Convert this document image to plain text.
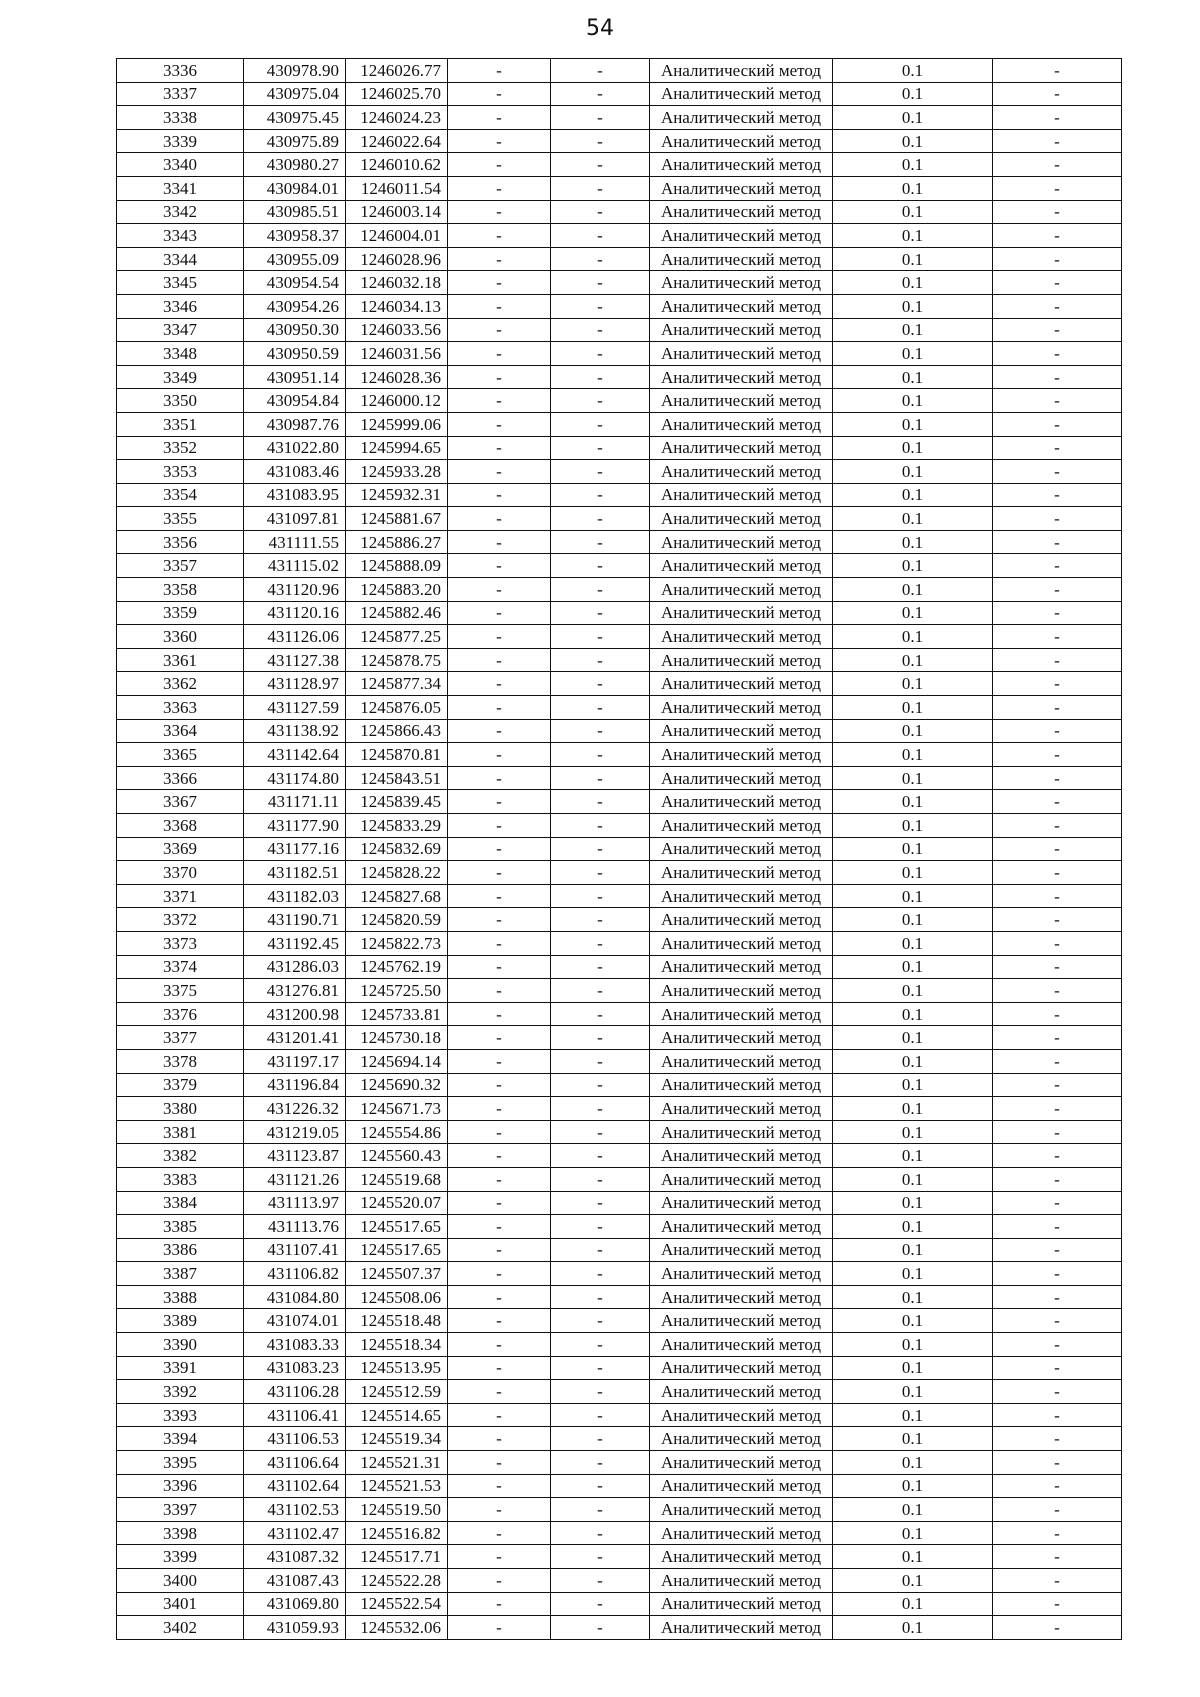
54
3336	430978.90	1246026.77	-	-	Аналитический метод	0.1	-
3337	430975.04	1246025.70	-	-	Аналитический метод	0.1	-
3338	430975.45	1246024.23	-	-	Аналитический метод	0.1	-
3339	430975.89	1246022.64	-	-	Аналитический метод	0.1	-
3340	430980.27	1246010.62	-	-	Аналитический метод	0.1	-
3341	430984.01	1246011.54	-	-	Аналитический метод	0.1	-
3342	430985.51	1246003.14	-	-	Аналитический метод	0.1	-
3343	430958.37	1246004.01	-	-	Аналитический метод	0.1	-
3344	430955.09	1246028.96	-	-	Аналитический метод	0.1	-
3345	430954.54	1246032.18	-	-	Аналитический метод	0.1	-
3346	430954.26	1246034.13	-	-	Аналитический метод	0.1	-
3347	430950.30	1246033.56	-	-	Аналитический метод	0.1	-
3348	430950.59	1246031.56	-	-	Аналитический метод	0.1	-
3349	430951.14	1246028.36	-	-	Аналитический метод	0.1	-
3350	430954.84	1246000.12	-	-	Аналитический метод	0.1	-
3351	430987.76	1245999.06	-	-	Аналитический метод	0.1	-
3352	431022.80	1245994.65	-	-	Аналитический метод	0.1	-
3353	431083.46	1245933.28	-	-	Аналитический метод	0.1	-
3354	431083.95	1245932.31	-	-	Аналитический метод	0.1	-
3355	431097.81	1245881.67	-	-	Аналитический метод	0.1	-
3356	431111.55	1245886.27	-	-	Аналитический метод	0.1	-
3357	431115.02	1245888.09	-	-	Аналитический метод	0.1	-
3358	431120.96	1245883.20	-	-	Аналитический метод	0.1	-
3359	431120.16	1245882.46	-	-	Аналитический метод	0.1	-
3360	431126.06	1245877.25	-	-	Аналитический метод	0.1	-
3361	431127.38	1245878.75	-	-	Аналитический метод	0.1	-
3362	431128.97	1245877.34	-	-	Аналитический метод	0.1	-
3363	431127.59	1245876.05	-	-	Аналитический метод	0.1	-
3364	431138.92	1245866.43	-	-	Аналитический метод	0.1	-
3365	431142.64	1245870.81	-	-	Аналитический метод	0.1	-
3366	431174.80	1245843.51	-	-	Аналитический метод	0.1	-
3367	431171.11	1245839.45	-	-	Аналитический метод	0.1	-
3368	431177.90	1245833.29	-	-	Аналитический метод	0.1	-
3369	431177.16	1245832.69	-	-	Аналитический метод	0.1	-
3370	431182.51	1245828.22	-	-	Аналитический метод	0.1	-
3371	431182.03	1245827.68	-	-	Аналитический метод	0.1	-
3372	431190.71	1245820.59	-	-	Аналитический метод	0.1	-
3373	431192.45	1245822.73	-	-	Аналитический метод	0.1	-
3374	431286.03	1245762.19	-	-	Аналитический метод	0.1	-
3375	431276.81	1245725.50	-	-	Аналитический метод	0.1	-
3376	431200.98	1245733.81	-	-	Аналитический метод	0.1	-
3377	431201.41	1245730.18	-	-	Аналитический метод	0.1	-
3378	431197.17	1245694.14	-	-	Аналитический метод	0.1	-
3379	431196.84	1245690.32	-	-	Аналитический метод	0.1	-
3380	431226.32	1245671.73	-	-	Аналитический метод	0.1	-
3381	431219.05	1245554.86	-	-	Аналитический метод	0.1	-
3382	431123.87	1245560.43	-	-	Аналитический метод	0.1	-
3383	431121.26	1245519.68	-	-	Аналитический метод	0.1	-
3384	431113.97	1245520.07	-	-	Аналитический метод	0.1	-
3385	431113.76	1245517.65	-	-	Аналитический метод	0.1	-
3386	431107.41	1245517.65	-	-	Аналитический метод	0.1	-
3387	431106.82	1245507.37	-	-	Аналитический метод	0.1	-
3388	431084.80	1245508.06	-	-	Аналитический метод	0.1	-
3389	431074.01	1245518.48	-	-	Аналитический метод	0.1	-
3390	431083.33	1245518.34	-	-	Аналитический метод	0.1	-
3391	431083.23	1245513.95	-	-	Аналитический метод	0.1	-
3392	431106.28	1245512.59	-	-	Аналитический метод	0.1	-
3393	431106.41	1245514.65	-	-	Аналитический метод	0.1	-
3394	431106.53	1245519.34	-	-	Аналитический метод	0.1	-
3395	431106.64	1245521.31	-	-	Аналитический метод	0.1	-
3396	431102.64	1245521.53	-	-	Аналитический метод	0.1	-
3397	431102.53	1245519.50	-	-	Аналитический метод	0.1	-
3398	431102.47	1245516.82	-	-	Аналитический метод	0.1	-
3399	431087.32	1245517.71	-	-	Аналитический метод	0.1	-
3400	431087.43	1245522.28	-	-	Аналитический метод	0.1	-
3401	431069.80	1245522.54	-	-	Аналитический метод	0.1	-
3402	431059.93	1245532.06	-	-	Аналитический метод	0.1	-
